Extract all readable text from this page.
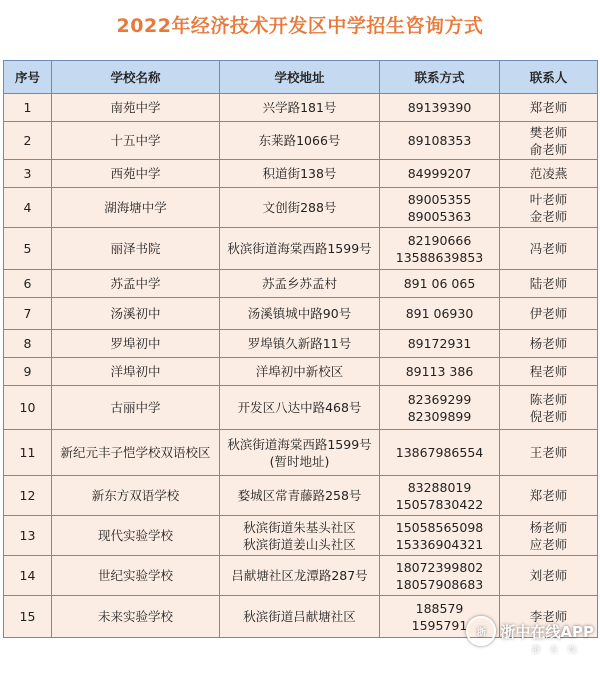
2022年经济技术开发区中学招生咨询方式
序号	学校名称	学校地址	联系方式	联系人
1	南苑中学	兴学路181号	89139390	郑老师

2	十五中学	东莱路1066号	89108353	樊老师
俞老师

3	西苑中学	积道街138号	84999207	范凌燕

4	湖海塘中学	文创街288号	89005355
89005363	叶老师
金老师

5	丽泽书院	秋滨街道海棠西路1599号	82190666
13588639853	冯老师

6	苏孟中学	苏孟乡苏孟村	891 06 065	陆老师

7	汤溪初中	汤溪镇城中路90号	891 06930	伊老师

8	罗埠初中	罗埠镇久新路11号	89172931	杨老师

9	洋埠初中	洋埠初中新校区	89113 386	程老师

10	古丽中学	开发区八达中路468号	82369299
82309899	陈老师
倪老师

11	新纪元丰子恺学校双语校区	秋滨街道海棠西路1599号
(暂时地址)	13867986554	王老师

12	新东方双语学校	婺城区常青藤路258号	83288019
15057830422	郑老师

13	现代实验学校	秋滨街道朱基头社区
秋滨街道姜山头社区	15058565098
15336904321	杨老师
应老师

14	世纪实验学校	吕献塘社区龙潭路287号	18072399802
18057908683	刘老师

15	未来实验学校	秋滨街道吕献塘社区	188579
1595791	李老师
浙 浙中在线APP
浙在线
